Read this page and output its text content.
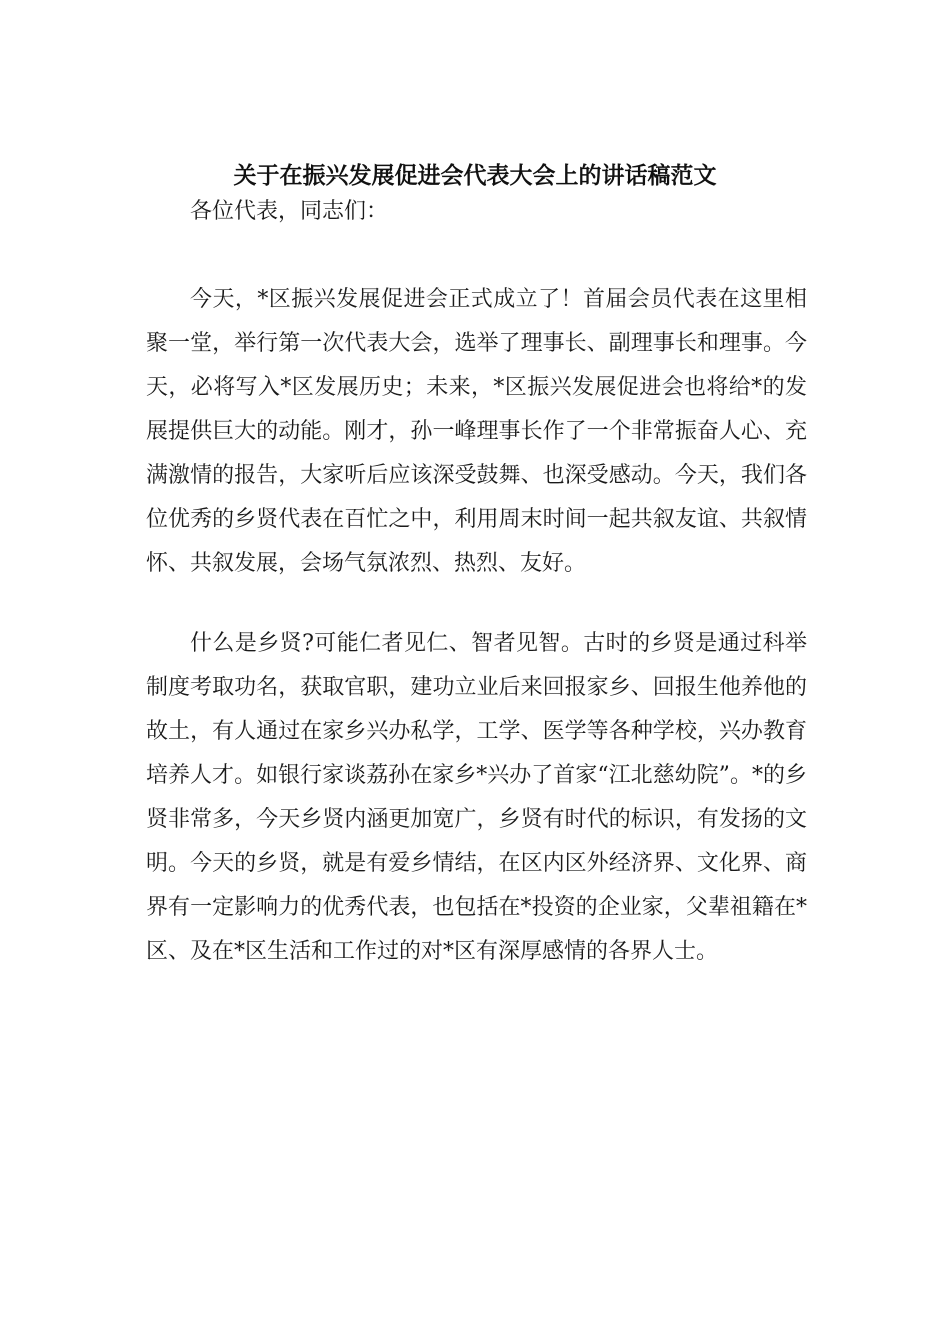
关于在振兴发展促进会代表大会上的讲话稿范文

各位代表，同志们：

今天，*区振兴发展促进会正式成立了！首届会员代表在这里相聚一堂，举行第一次代表大会，选举了理事长、副理事长和理事。今天，必将写入*区发展历史；未来，*区振兴发展促进会也将给*的发展提供巨大的动能。刚才，孙一峰理事长作了一个非常振奋人心、充满激情的报告，大家听后应该深受鼓舞、也深受感动。今天，我们各位优秀的乡贤代表在百忙之中，利用周末时间一起共叙友谊、共叙情怀、共叙发展，会场气氛浓烈、热烈、友好。

什么是乡贤?可能仁者见仁、智者见智。古时的乡贤是通过科举制度考取功名，获取官职，建功立业后来回报家乡、回报生他养他的故土，有人通过在家乡兴办私学，工学、医学等各种学校，兴办教育培养人才。如银行家谈荔孙在家乡*兴办了首家“江北慈幼院”。*的乡贤非常多，今天乡贤内涵更加宽广，乡贤有时代的标识，有发扬的文明。今天的乡贤，就是有爱乡情结，在区内区外经济界、文化界、商界有一定影响力的优秀代表，也包括在*投资的企业家，父辈祖籍在*区、及在*区生活和工作过的对*区有深厚感情的各界人士。
